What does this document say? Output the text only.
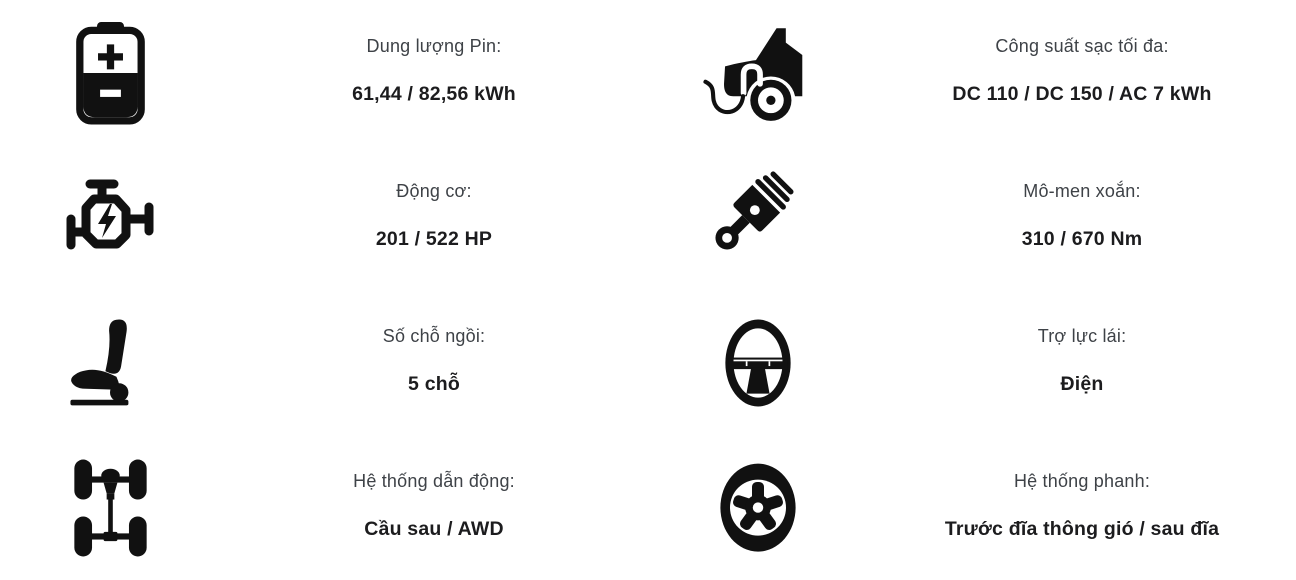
Dung lượng Pin:
61,44 / 82,56 kWh
Công suất sạc tối đa:
DC 110 / DC 150 / AC 7 kWh
Động cơ:
201 / 522 HP
Mô-men xoắn:
310 / 670 Nm
Số chỗ ngồi:
5 chỗ
Trợ lực lái:
Điện
Hệ thống dẫn động:
Cầu sau / AWD
Hệ thống phanh:
Trước đĩa thông gió / sau đĩa
